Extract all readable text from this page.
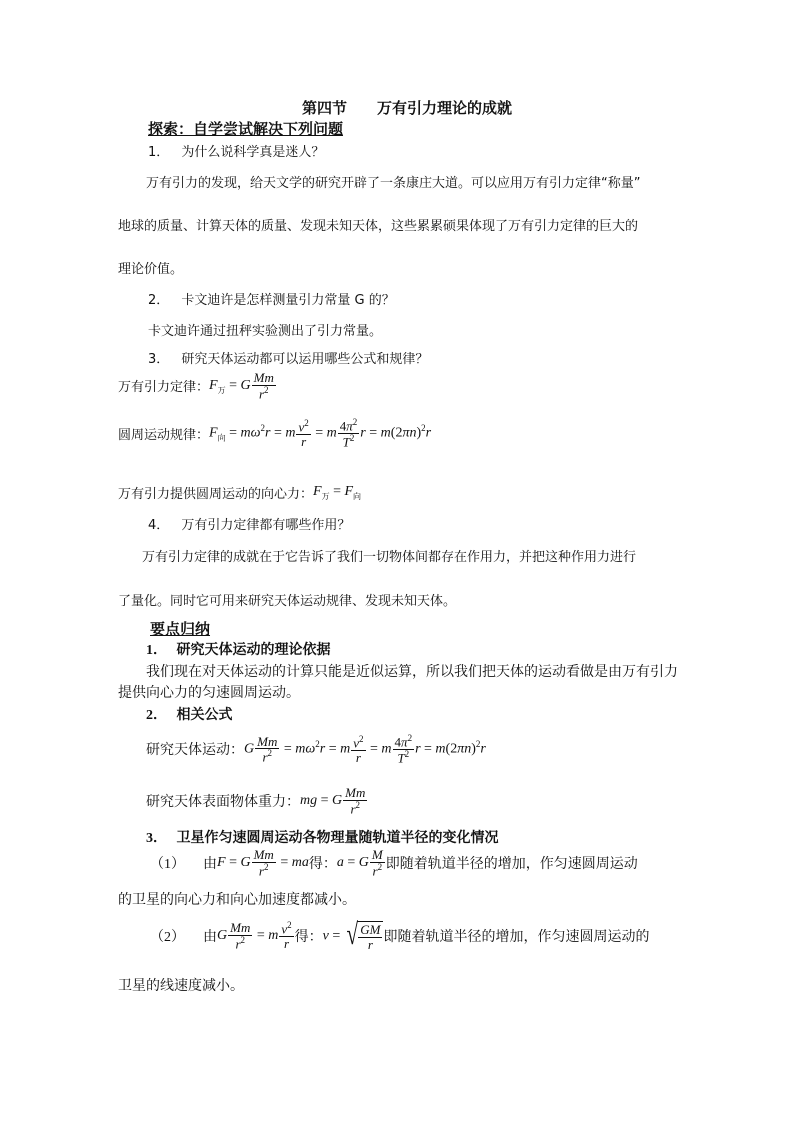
第四节 万有引力理论的成就
探索：自学尝试解决下列问题
1． 为什么说科学真是迷人？
万有引力的发现，给天文学的研究开辟了一条康庄大道。可以应用万有引力定律“称量”
地球的质量、计算天体的质量、发现未知天体，这些累累硕果体现了万有引力定律的巨大的
理论价值。
2． 卡文迪许是怎样测量引力常量 G 的？
卡文迪许通过扭秤实验测出了引力常量。
3． 研究天体运动都可以运用哪些公式和规律？
万有引力定律： $F_万 = G \frac{Mm}{r^2}$
圆周运动规律： $F_向 = m\omega^2r = m \frac{v^2}{r} = m \frac{4\pi^2}{T^2}$ $r = m(2\pi n)^2r$
万有引力提供圆周运动的向心力： $F_万 = F_向$
4． 万有引力定律都有哪些作用？
万有引力定律的成就在于它告诉了我们一切物体间都存在作用力，并把这种作用力进行
了量化。同时它可用来研究天体运动规律、发现未知天体。
要点归纳
1． 研究天体运动的理论依据
我们现在对天体运动的计算只能是近似运算，所以我们把天体的运动看做是由万有引力
提供向心力的匀速圆周运动。
2． 相关公式
研究天体运动： G $\frac{Mm}{r^2} = m\omega^2r = m \frac{v^2}{r} = m \frac{4\pi^2}{T^2}$ $r = m(2\pi n)^2r$
研究天体表面物体重力： mg = G $\frac{Mm}{r^2}$
3． 卫星作匀速圆周运动各物理量随轨道半径的变化情况
（1） 由 F = G $\frac{Mm}{r^2}$ = ma 得： a = G $\frac{M}{r^2}$ 即随着轨道半径的增加，作匀速圆周运动
的卫星的向心力和向心加速度都减小。
（2） 由 G $\frac{Mm}{r^2} = m \frac{v^2}{r}$ 得： v = √ $\frac{GM}{r}$ 即随着轨道半径的增加，作匀速圆周运动的
卫星的线速度减小。
